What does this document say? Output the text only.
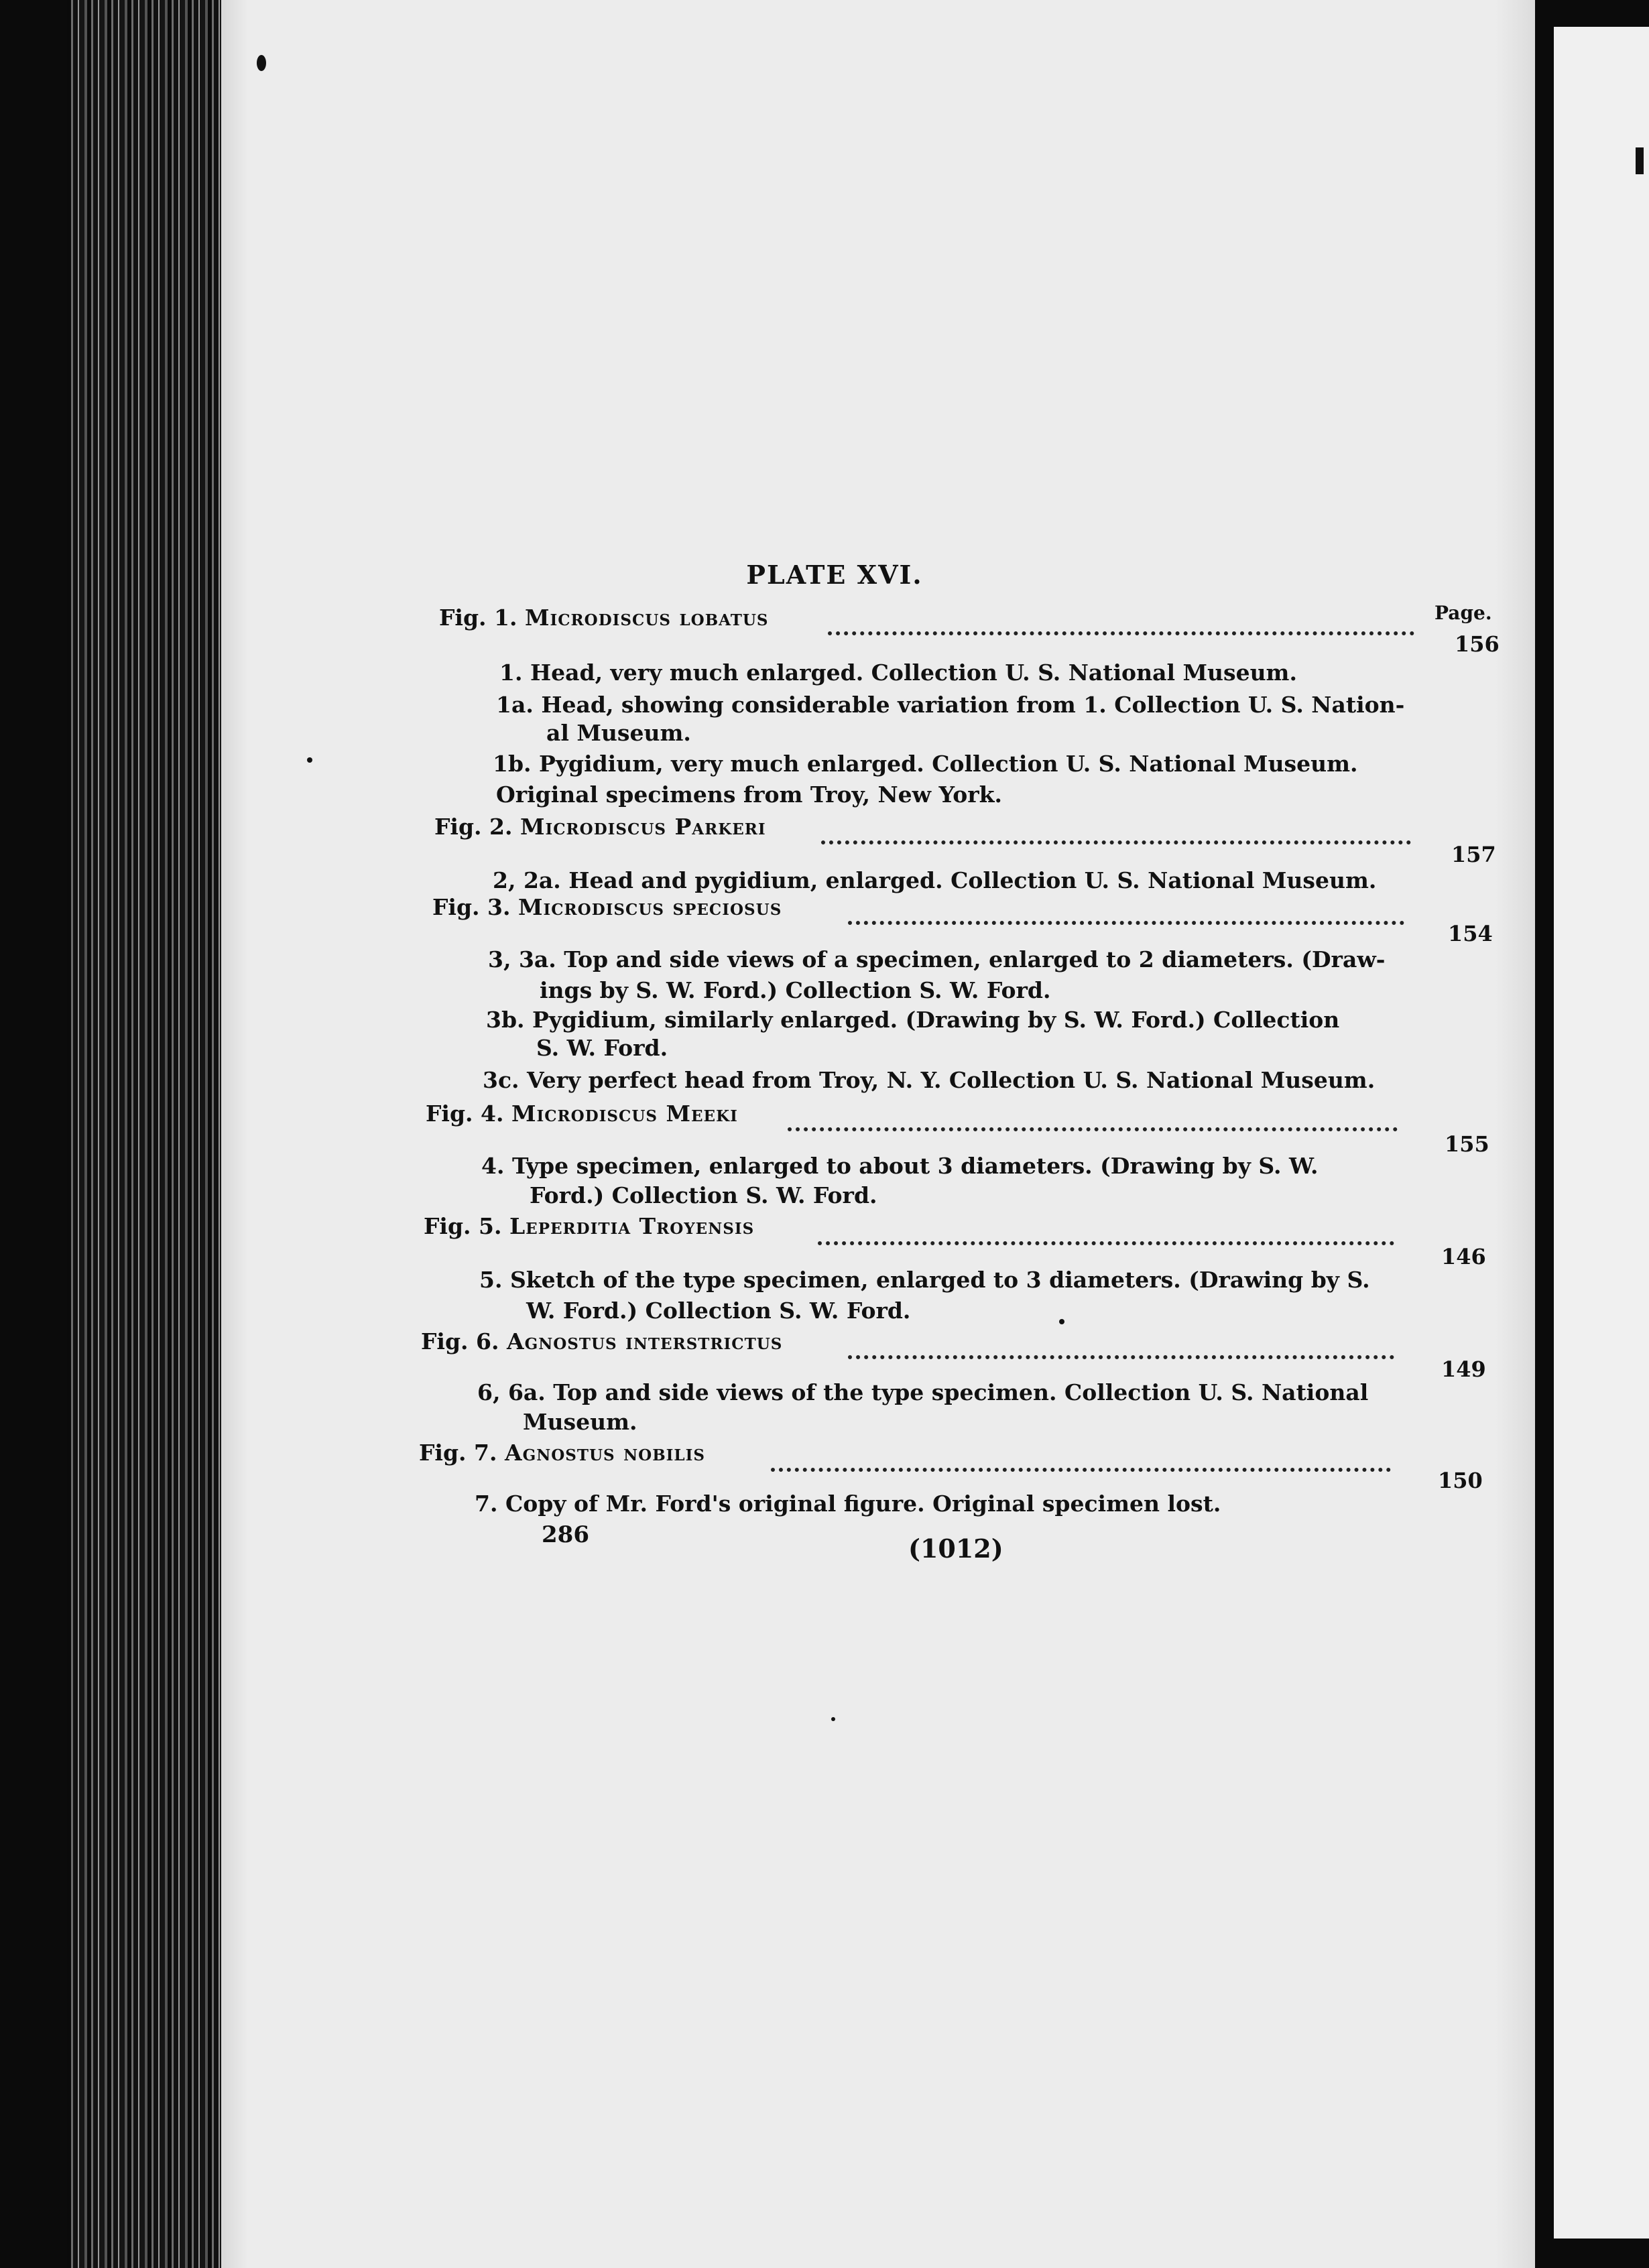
PLATE XVI.
Page.
Fig. 1. Microdiscus lobatus
156
1. Head, very much enlarged. Collection U. S. National Museum.
1a. Head, showing considerable variation from 1. Collection U. S. Nation-
al Museum.
1b. Pygidium, very much enlarged. Collection U. S. National Museum.
Original specimens from Troy, New York.
Fig. 2. Microdiscus Parkeri
157
2, 2a. Head and pygidium, enlarged. Collection U. S. National Museum.
Fig. 3. Microdiscus speciosus
154
3, 3a. Top and side views of a specimen, enlarged to 2 diameters. (Draw-
ings by S. W. Ford.) Collection S. W. Ford.
3b. Pygidium, similarly enlarged. (Drawing by S. W. Ford.) Collection
S. W. Ford.
3c. Very perfect head from Troy, N. Y. Collection U. S. National Museum.
Fig. 4. Microdiscus Meeki
155
4. Type specimen, enlarged to about 3 diameters. (Drawing by S. W.
Ford.) Collection S. W. Ford.
Fig. 5. Leperditia Troyensis
146
5. Sketch of the type specimen, enlarged to 3 diameters. (Drawing by S.
W. Ford.) Collection S. W. Ford.
Fig. 6. Agnostus interstrictus
149
6, 6a. Top and side views of the type specimen. Collection U. S. National
Museum.
Fig. 7. Agnostus nobilis
150
7. Copy of Mr. Ford's original figure. Original specimen lost.
286	(1012)
